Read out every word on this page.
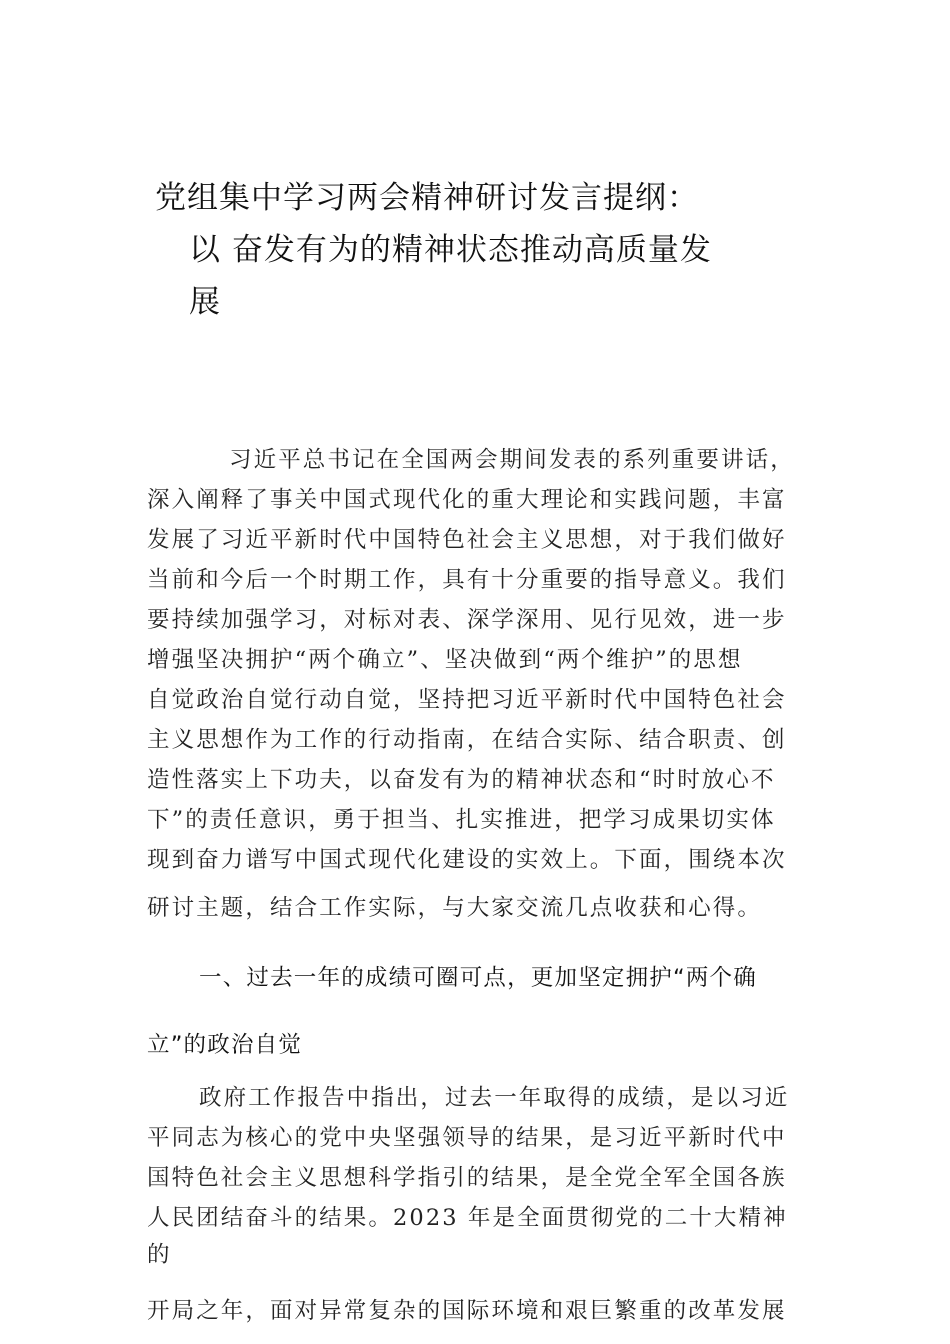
党组集中学习两会精神研讨发言提纲：
以 奋发有为的精神状态推动高质量发
展
习近平总书记在全国两会期间发表的系列重要讲话，
深入阐释了事关中国式现代化的重大理论和实践问题，丰富
发展了习近平新时代中国特色社会主义思想，对于我们做好
当前和今后一个时期工作，具有十分重要的指导意义。我们
要持续加强学习，对标对表、深学深用、见行见效，进一步
增强坚决拥护“两个确立”、坚决做到“两个维护”的思想
自觉政治自觉行动自觉，坚持把习近平新时代中国特色社会
主义思想作为工作的行动指南，在结合实际、结合职责、创
造性落实上下功夫，以奋发有为的精神状态和“时时放心不
下”的责任意识，勇于担当、扎实推进，把学习成果切实体
现到奋力谱写中国式现代化建设的实效上。下面，围绕本次
研讨主题，结合工作实际，与大家交流几点收获和心得。
一、过去一年的成绩可圈可点，更加坚定拥护“两个确
立”的政治自觉
政府工作报告中指出，过去一年取得的成绩，是以习近
平同志为核心的党中央坚强领导的结果，是习近平新时代中
国特色社会主义思想科学指引的结果，是全党全军全国各族
人民团结奋斗的结果。2023 年是全面贯彻党的二十大精神
的
开局之年，面对异常复杂的国际环境和艰巨繁重的改革发展
